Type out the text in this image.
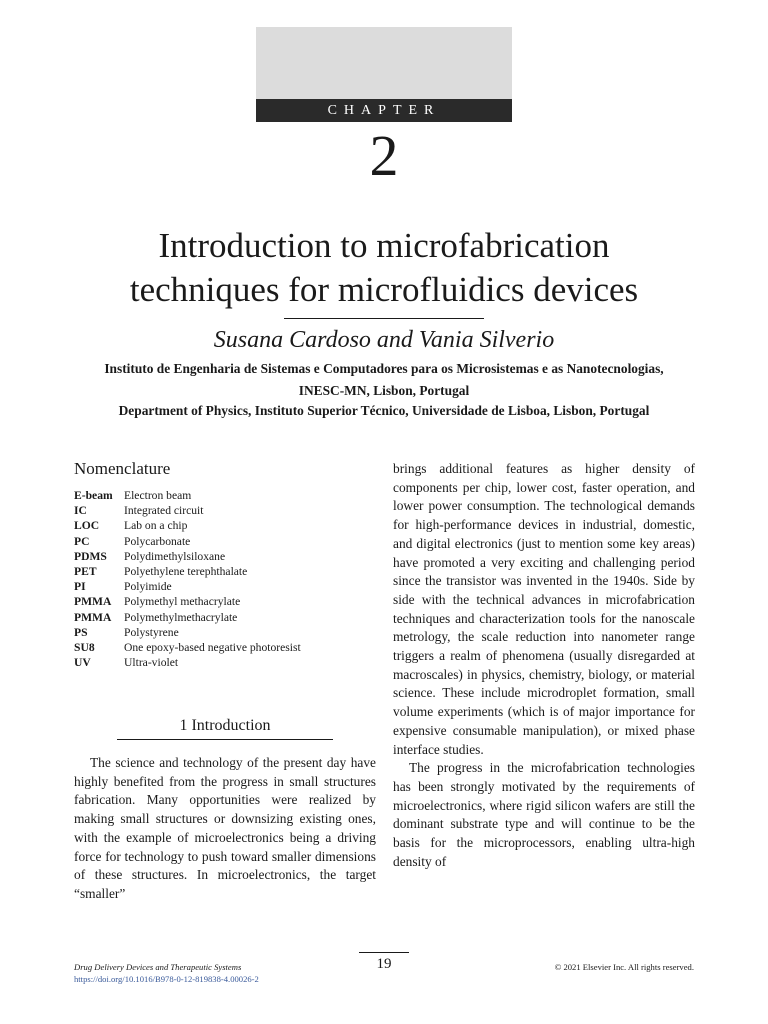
CHAPTER
2
Introduction to microfabrication
techniques for microfluidics devices
Susana Cardoso and Vania Silverio
Instituto de Engenharia de Sistemas e Computadores para os Microsistemas e as Nanotecnologias,
INESC-MN, Lisbon, Portugal
Department of Physics, Instituto Superior Técnico, Universidade de Lisboa, Lisbon, Portugal
Nomenclature
E-beam Electron beam
IC	Integrated circuit
LOC	Lab on a chip
PC	Polycarbonate
PDMS	Polydimethylsiloxane
PET	Polyethylene terephthalate
PI	Polyimide
PMMA	Polymethyl methacrylate
PMMA	Polymethylmethacrylate
PS	Polystyrene
SU8	One epoxy-based negative photoresist
UV	Ultra-violet
1 Introduction

The science and technology of the present day have highly benefited from the progress in small structures fabrication. Many opportunities were realized by making small structures or downsizing existing ones, with the example of microelectronics being a driving force for technology to push toward smaller dimensions of these structures. In microelectronics, the target “smaller”

brings additional features as higher density of components per chip, lower cost, faster operation, and lower power consumption. The technological demands for high-performance devices in industrial, domestic, and digital electronics (just to mention some key areas) have promoted a very exciting and challenging period since the transistor was invented in the 1940s. Side by side with the technical advances in microfabrication techniques and characterization tools for the nanoscale metrology, the scale reduction into nanometer range triggers a realm of phenomena (usually disregarded at macroscales) in physics, chemistry, biology, or material science. These include microdroplet formation, small volume experiments (which is of major importance for expensive consumable manipulation), or mixed phase interface studies.

The progress in the microfabrication technologies has been strongly motivated by the requirements of microelectronics, where rigid silicon wafers are still the dominant substrate type and will continue to be the basis for the microprocessors, enabling ultra-high density of

19
Drug Delivery Devices and Therapeutic Systems
https://doi.org/10.1016/B978-0-12-819838-4.00026-2
© 2021 Elsevier Inc. All rights reserved.
